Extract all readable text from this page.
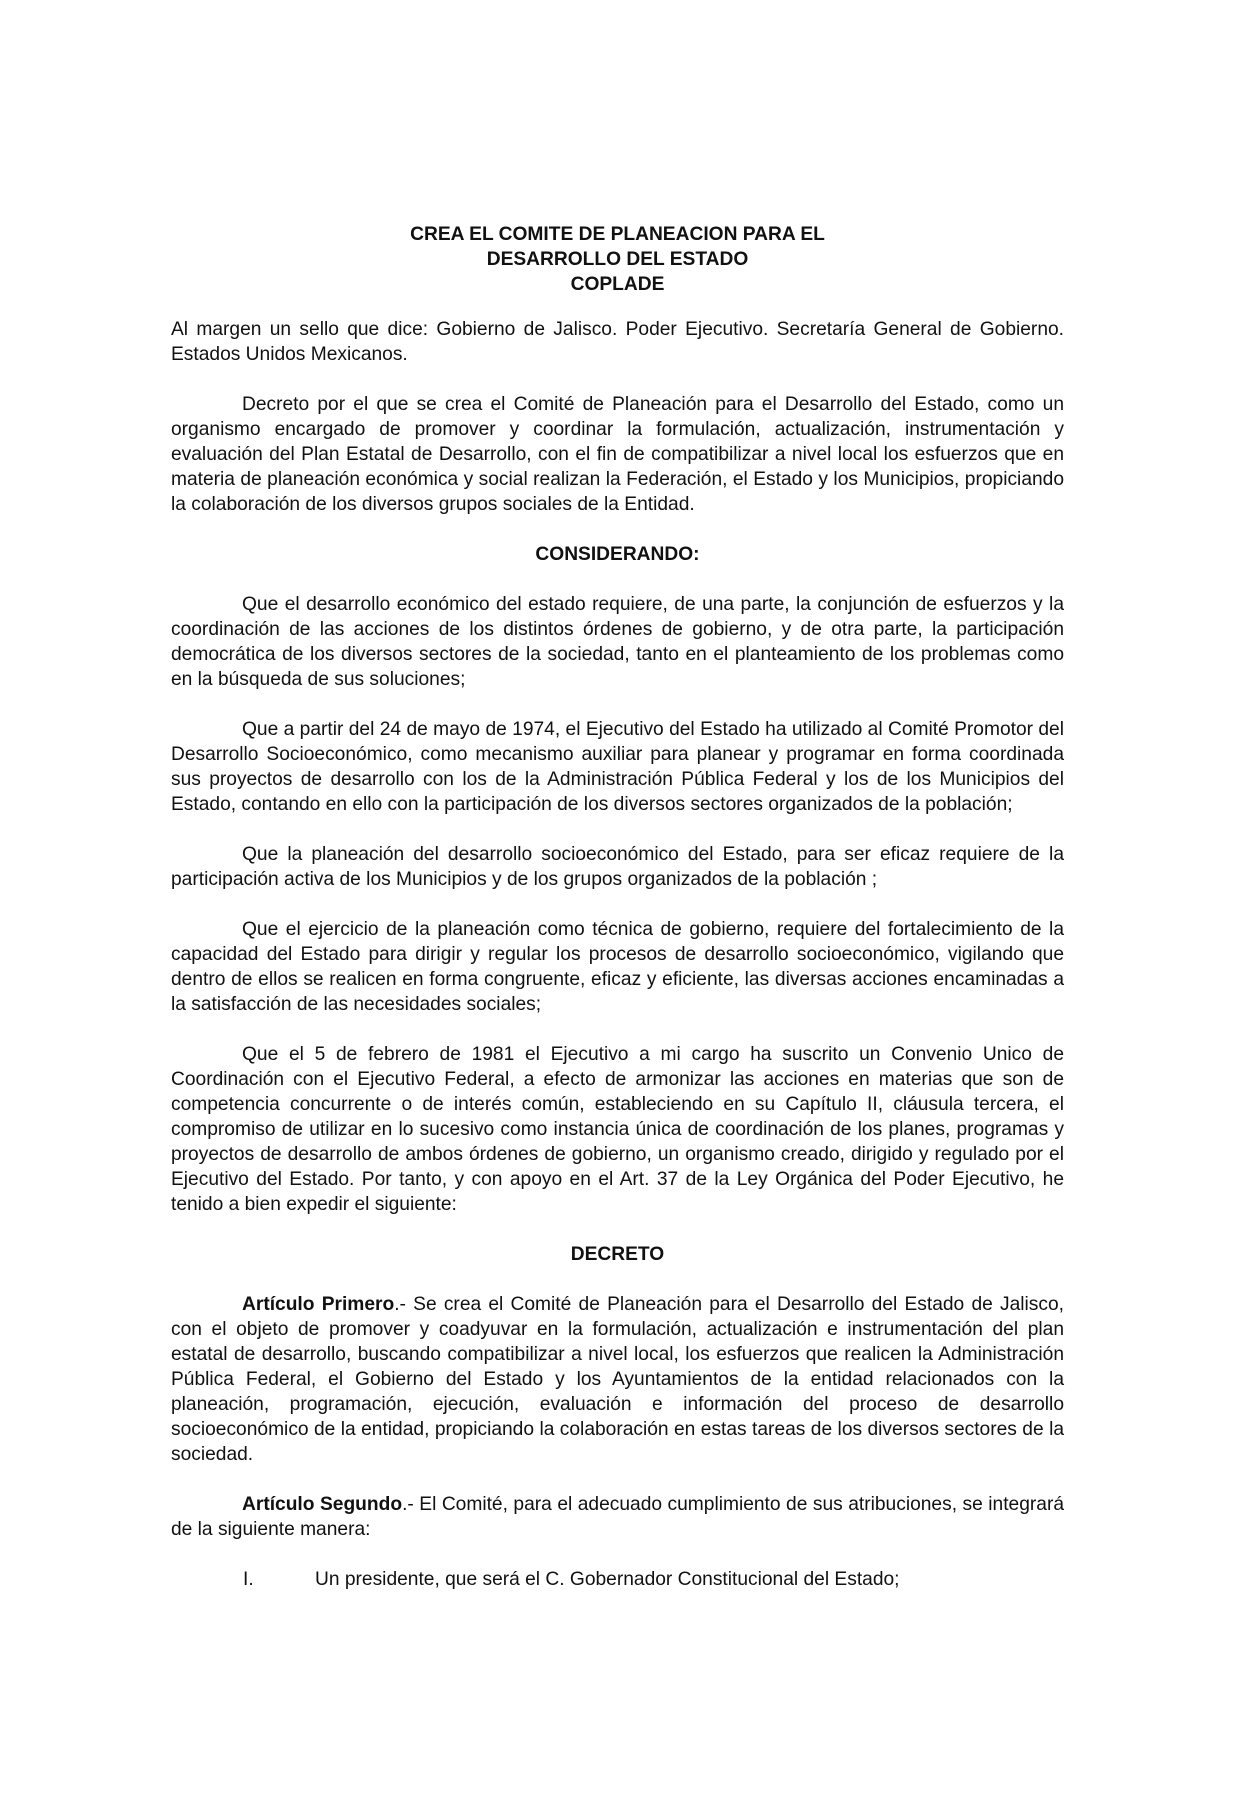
CREA EL COMITE DE PLANEACION PARA EL
DESARROLLO DEL ESTADO
COPLADE

Al margen un sello que dice: Gobierno de Jalisco. Poder Ejecutivo. Secretaría General de Gobierno. Estados Unidos Mexicanos.

Decreto por el que se crea el Comité de Planeación para el Desarrollo del Estado, como un organismo encargado de promover y coordinar la formulación, actualización, instrumentación y evaluación del Plan Estatal de Desarrollo, con el fin de compatibilizar a nivel local los esfuerzos que en materia de planeación económica y social realizan la Federación, el Estado y los Municipios, propiciando la colaboración de los diversos grupos sociales de la Entidad.

CONSIDERANDO:

Que el desarrollo económico del estado requiere, de una parte, la conjunción de esfuerzos y la coordinación de las acciones de los distintos órdenes de gobierno, y de otra parte, la participación democrática de los diversos sectores de la sociedad, tanto en el planteamiento de los problemas como en la búsqueda de sus soluciones;

Que a partir del 24 de mayo de 1974, el Ejecutivo del Estado ha utilizado al Comité Promotor del Desarrollo Socioeconómico, como mecanismo auxiliar para planear y programar en forma coordinada sus proyectos de desarrollo con los de la Administración Pública Federal y los de los Municipios del Estado, contando en ello con la participación de los diversos sectores organizados de la población;

Que la planeación del desarrollo socioeconómico del Estado, para ser eficaz requiere de la participación activa de los Municipios y de los grupos organizados de la población ;

Que el ejercicio de la planeación como técnica de gobierno, requiere del fortalecimiento de la capacidad del Estado para dirigir y regular los procesos de desarrollo socioeconómico, vigilando que dentro de ellos se realicen en forma congruente, eficaz y eficiente, las diversas acciones encaminadas a la satisfacción de las necesidades sociales;

Que el 5 de febrero de 1981 el Ejecutivo a mi cargo ha suscrito un Convenio Unico de Coordinación con el Ejecutivo Federal, a efecto de armonizar las acciones en materias que son de competencia concurrente o de interés común, estableciendo en su Capítulo II, cláusula tercera, el compromiso de utilizar en lo sucesivo como instancia única de coordinación de los planes, programas y proyectos de desarrollo de ambos órdenes de gobierno, un organismo creado, dirigido y regulado por el Ejecutivo del Estado. Por tanto, y con apoyo en el Art. 37 de la Ley Orgánica del Poder Ejecutivo, he tenido a bien expedir el siguiente:

DECRETO

Artículo Primero.- Se crea el Comité de Planeación para el Desarrollo del Estado de Jalisco, con el objeto de promover y coadyuvar en la formulación, actualización e instrumentación del plan estatal de desarrollo, buscando compatibilizar a nivel local, los esfuerzos que realicen la Administración Pública Federal, el Gobierno del Estado y los Ayuntamientos de la entidad relacionados con la planeación, programación, ejecución, evaluación e información del proceso de desarrollo socioeconómico de la entidad, propiciando la colaboración en estas tareas de los diversos sectores de la sociedad.

Artículo Segundo.- El Comité, para el adecuado cumplimiento de sus atribuciones, se integrará de la siguiente manera:

I.	Un presidente, que será el C. Gobernador Constitucional del Estado;
